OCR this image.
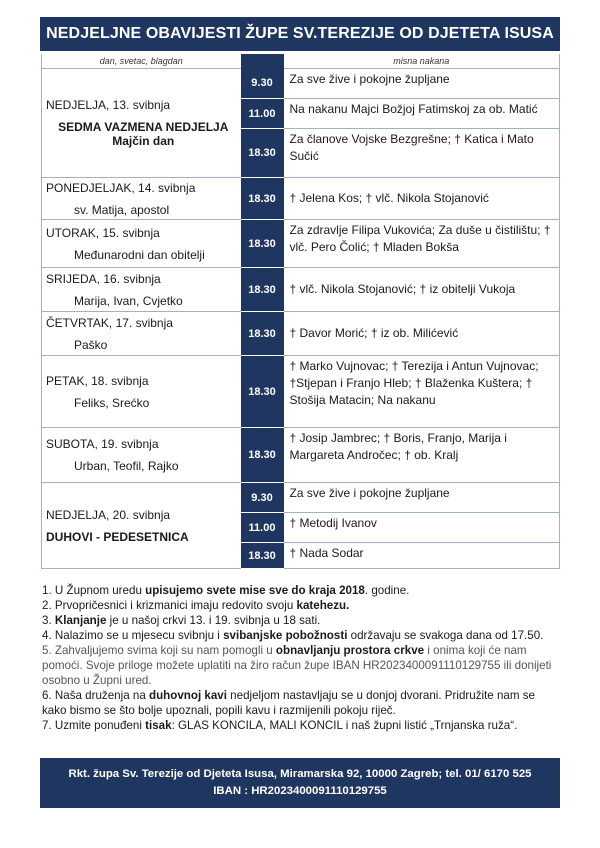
NEDJELJNE OBAVIJESTI ŽUPE SV.TEREZIJE OD DJETETA ISUSA
dan, svetac, blagdan		misna nakana

NEDJELJA, 13. svibnja
SEDMA VAZMENA NEDJELJA
Majčin dan	9.30	Za sve žive i pokojne župljane
	11.00	Na nakanu Majci Božjoj Fatimskoj za ob. Matić
	18.30	Za članove Vojske Bezgrešne; † Katica i Mato Sučić

PONEDJELJAK, 14. svibnja
sv. Matija, apostol	18.30	† Jelena Kos; † vlč. Nikola Stojanović

UTORAK, 15. svibnja
Međunarodni dan obitelji	18.30	Za zdravlje Filipa Vukovića; Za duše u čistilištu; † vlč. Pero Čolić; † Mladen Bokša

SRIJEDA, 16. svibnja
Marija, Ivan, Cvjetko	18.30	† vlč. Nikola Stojanović; † iz obitelji Vukoja

ČETVRTAK, 17. svibnja
Paško	18.30	† Davor Morić; † iz ob. Milićević

PETAK, 18. svibnja
Feliks, Srećko	18.30	† Marko Vujnovac; † Terezija i Antun Vujnovac; †Stjepan i Franjo Hleb; † Blaženka Kuštera; † Stošija Matacin; Na nakanu

SUBOTA, 19. svibnja
Urban, Teofil, Rajko	18.30	† Josip Jambrec; † Boris, Franjo, Marija i Margareta Andročec; † ob. Kralj

NEDJELJA, 20. svibnja
DUHOVI - PEDESETNICA	9.30	Za sve žive i pokojne župljane
	11.00	† Metodij Ivanov
	18.30	† Nada Sodar

1. U Župnom uredu upisujemo svete mise sve do kraja 2018. godine.

2. Prvopričesnici i krizmanici imaju redovito svoju katehezu.

3. Klanjanje je u našoj crkvi 13. i 19. svibnja u 18 sati.

4. Nalazimo se u mjesecu svibnju i svibanjske pobožnosti održavaju se svakoga dana od 17.50.

5. Zahvaljujemo svima koji su nam pomogli u obnavljanju prostora crkve i onima koji će nam pomoći. Svoje priloge možete uplatiti na žiro račun župe IBAN HR2023400091110129755 ili donijeti osobno u Župni ured.

6. Naša druženja na duhovnoj kavi nedjeljom nastavljaju se u donjoj dvorani. Pridružite nam se kako bismo se što bolje upoznali, popili kavu i razmijenili pokoju riječ.

7. Uzmite ponuđeni tisak: GLAS KONCILA, MALI KONCIL i naš župni listić „Trnjanska ruža“.

Rkt. župa Sv. Terezije od Djeteta Isusa, Miramarska 92, 10000 Zagreb; tel. 01/ 6170 525
IBAN : HR2023400091110129755
